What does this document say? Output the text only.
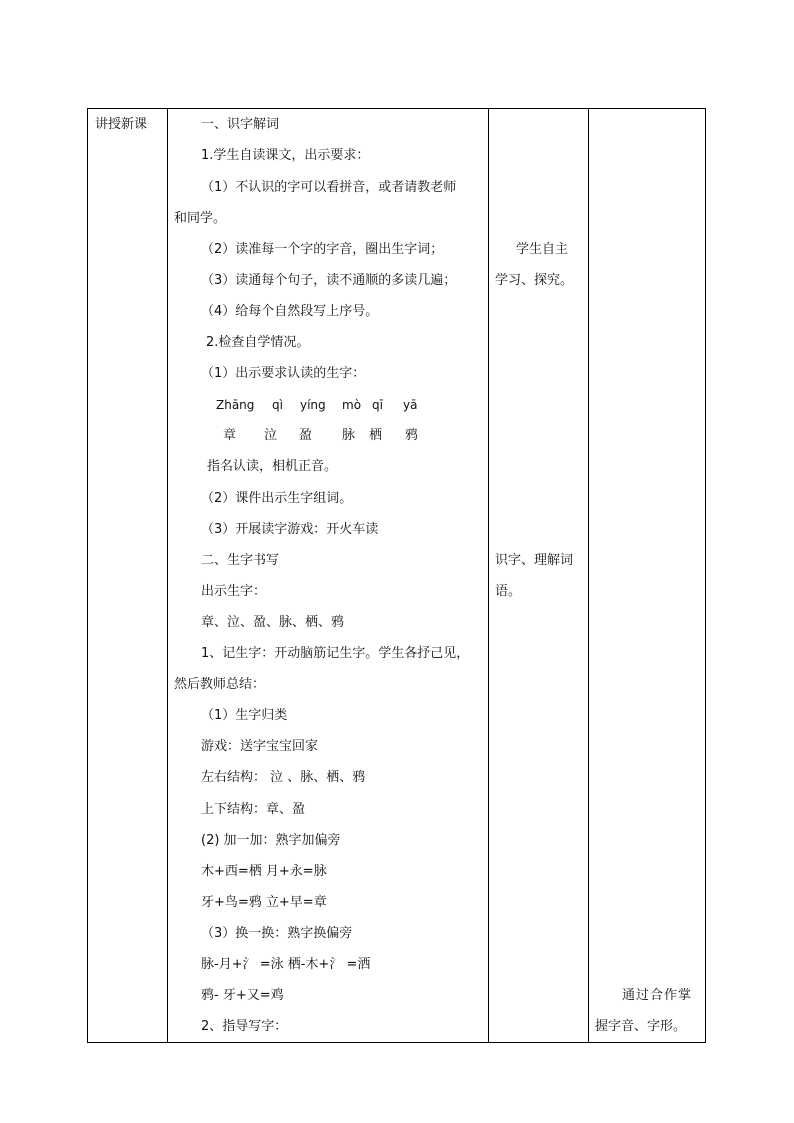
讲授新课	一、识字解词
1.学生自读课文，出示要求：
（1）不认识的字可以看拼音，或者请教老师
和同学。
（2）读准每一个字的字音，圈出生字词；
（3）读通每个句子，读不通顺的多读几遍；
（4）给每个自然段写上序号。
2.检查自学情况。
（1）出示要求认读的生字：
Zhāng qì yíng mò qī yā
章 泣 盈 脉 栖 鸦
指名认读，相机正音。
（2）课件出示生字组词。
（3）开展读字游戏：开火车读
二、生字书写
出示生字：
章、泣、盈、脉、栖、鸦
1、记生字：开动脑筋记生字。学生各抒己见，
然后教师总结：
（1）生字归类
游戏：送字宝宝回家
左右结构： 泣 、脉、栖、鸦
上下结构：章、盈
(2) 加一加：熟字加偏旁
木+西=栖 月+永=脉
牙+鸟=鸦 立+早=章
（3）换一换：熟字换偏旁
脉-月+氵 =泳 栖-木+氵 =洒
鸦- 牙+又=鸡
2、指导写字：
学生自主
学习、探究。
识字、理解词
语。
通过合作掌
握字音、字形。
